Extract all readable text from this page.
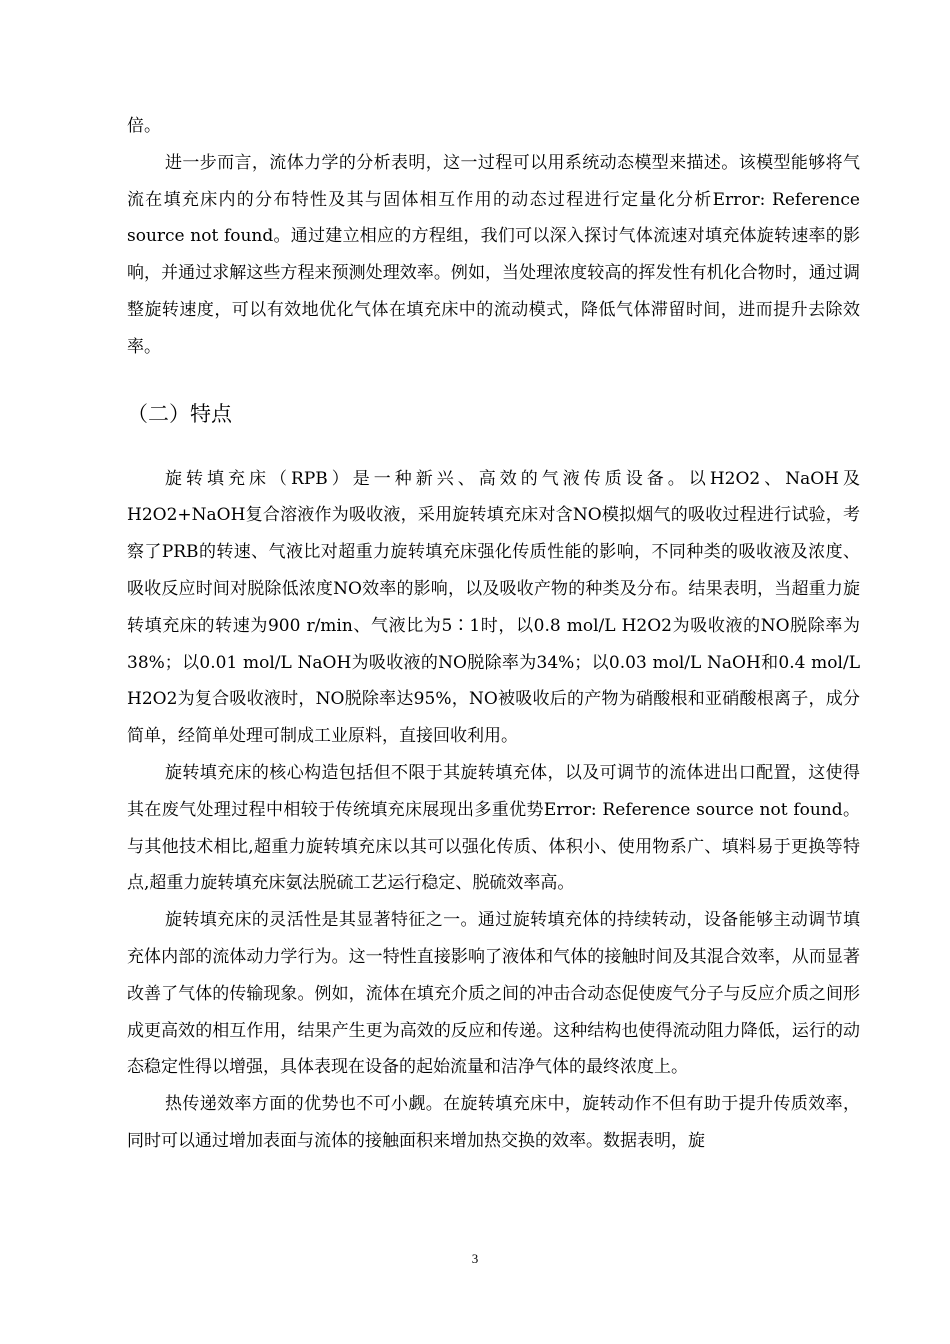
倍。

进一步而言，流体力学的分析表明，这一过程可以用系统动态模型来描述。该模型能够将气流在填充床内的分布特性及其与固体相互作用的动态过程进行定量化分析Error: Reference source not found。通过建立相应的方程组，我们可以深入探讨气体流速对填充体旋转速率的影响，并通过求解这些方程来预测处理效率。例如，当处理浓度较高的挥发性有机化合物时，通过调整旋转速度，可以有效地优化气体在填充床中的流动模式，降低气体滞留时间，进而提升去除效率。

（二）特点

旋转填充床（RPB）是一种新兴、高效的气液传质设备。以H2O2、NaOH及H2O2+NaOH复合溶液作为吸收液，采用旋转填充床对含NO模拟烟气的吸收过程进行试验，考察了PRB的转速、气液比对超重力旋转填充床强化传质性能的影响，不同种类的吸收液及浓度、吸收反应时间对脱除低浓度NO效率的影响，以及吸收产物的种类及分布。结果表明，当超重力旋转填充床的转速为900 r/min、气液比为5∶1时，以0.8 mol/L H2O2为吸收液的NO脱除率为38%；以0.01 mol/L NaOH为吸收液的NO脱除率为34%；以0.03 mol/L NaOH和0.4 mol/L H2O2为复合吸收液时，NO脱除率达95%，NO被吸收后的产物为硝酸根和亚硝酸根离子，成分简单，经简单处理可制成工业原料，直接回收利用。

旋转填充床的核心构造包括但不限于其旋转填充体，以及可调节的流体进出口配置，这使得其在废气处理过程中相较于传统填充床展现出多重优势Error: Reference source not found。与其他技术相比,超重力旋转填充床以其可以强化传质、体积小、使用物系广、填料易于更换等特点,超重力旋转填充床氨法脱硫工艺运行稳定、脱硫效率高。

旋转填充床的灵活性是其显著特征之一。通过旋转填充体的持续转动，设备能够主动调节填充体内部的流体动力学行为。这一特性直接影响了液体和气体的接触时间及其混合效率，从而显著改善了气体的传输现象。例如，流体在填充介质之间的冲击合动态促使废气分子与反应介质之间形成更高效的相互作用，结果产生更为高效的反应和传递。这种结构也使得流动阻力降低，运行的动态稳定性得以增强，具体表现在设备的起始流量和洁净气体的最终浓度上。

热传递效率方面的优势也不可小觑。在旋转填充床中，旋转动作不但有助于提升传质效率，同时可以通过增加表面与流体的接触面积来增加热交换的效率。数据表明，旋

3
